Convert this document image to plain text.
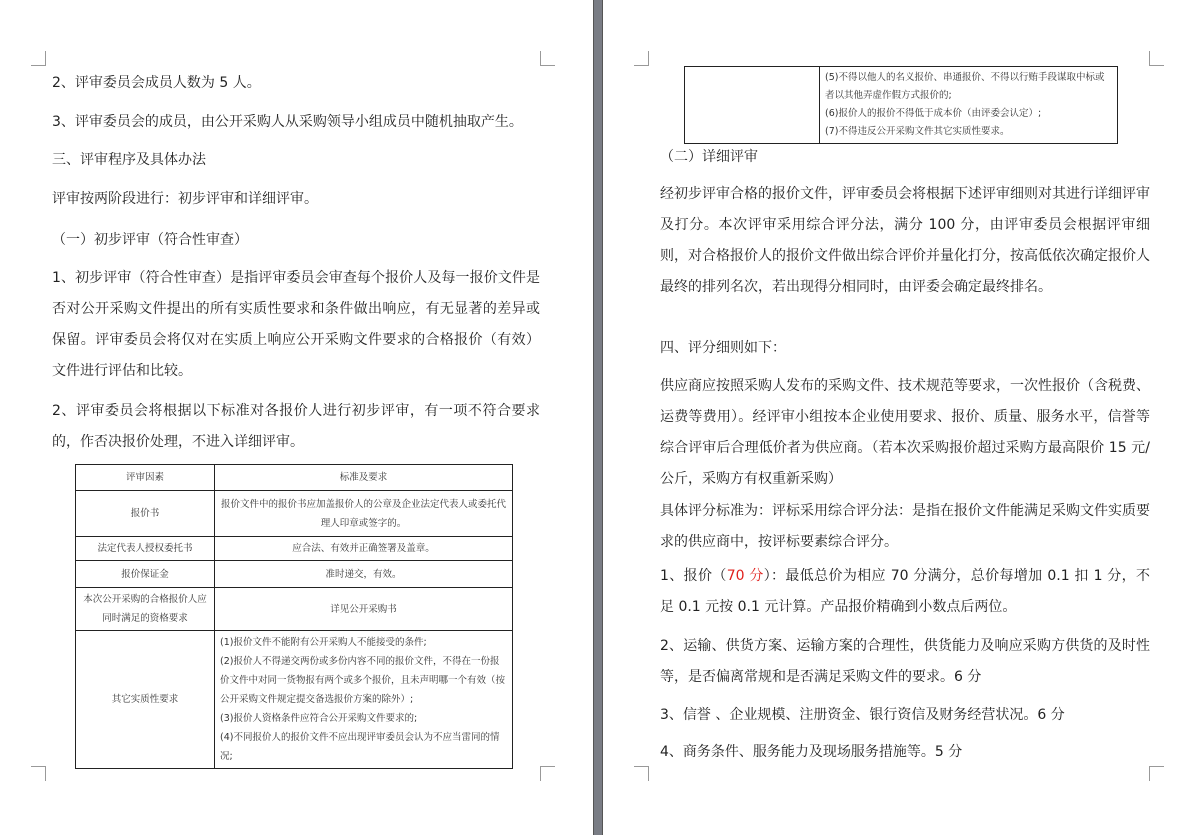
2、评审委员会成员人数为 5 人。
3、评审委员会的成员，由公开采购人从采购领导小组成员中随机抽取产生。
三、评审程序及具体办法
评审按两阶段进行：初步评审和详细评审。
（一）初步评审（符合性审查）
1、初步评审（符合性审查）是指评审委员会审查每个报价人及每一报价文件是否对公开采购文件提出的所有实质性要求和条件做出响应，有无显著的差异或保留。评审委员会将仅对在实质上响应公开采购文件要求的合格报价（有效）文件进行评估和比较。
2、评审委员会将根据以下标准对各报价人进行初步评审，有一项不符合要求的，作否决报价处理，不进入详细评审。
评审因素	标准及要求
报价书	报价文件中的报价书应加盖报价人的公章及企业法定代表人或委托代理人印章或签字的。
法定代表人授权委托书	应合法、有效并正确签署及盖章。
报价保证金	准时递交，有效。
本次公开采购的合格报价人应同时满足的资格要求	详见公开采购书
其它实质性要求	(1)报价文件不能附有公开采购人不能接受的条件;
(2)报价人不得递交两份或多份内容不同的报价文件，不得在一份报价文件中对同一货物报有两个或多个报价，且未声明哪一个有效（按公开采购文件规定提交备选报价方案的除外）;
(3)报价人资格条件应符合公开采购文件要求的;
(4)不同报价人的报价文件不应出现评审委员会认为不应当雷同的情况;

(5)不得以他人的名义报价、串通报价、不得以行贿手段谋取中标或者以其他弄虚作假方式报价的;
(6)报价人的报价不得低于成本价（由评委会认定）;
(7)不得违反公开采购文件其它实质性要求。
（二）详细评审
经初步评审合格的报价文件，评审委员会将根据下述评审细则对其进行详细评审及打分。本次评审采用综合评分法，满分 100 分，由评审委员会根据评审细则，对合格报价人的报价文件做出综合评价并量化打分，按高低依次确定报价人最终的排列名次，若出现得分相同时，由评委会确定最终排名。
四、评分细则如下：
供应商应按照采购人发布的采购文件、技术规范等要求，一次性报价（含税费、运费等费用）。经评审小组按本企业使用要求、报价、质量、服务水平，信誉等综合评审后合理低价者为供应商。（若本次采购报价超过采购方最高限价 15 元/公斤，采购方有权重新采购）
具体评分标准为：评标采用综合评分法：是指在报价文件能满足采购文件实质要求的供应商中，按评标要素综合评分。
1、报价（70 分）：最低总价为相应 70 分满分，总价每增加 0.1 扣 1 分，不足 0.1 元按 0.1 元计算。产品报价精确到小数点后两位。
2、运输、供货方案、运输方案的合理性，供货能力及响应采购方供货的及时性等，是否偏离常规和是否满足采购文件的要求。6 分
3、信誉 、企业规模、注册资金、银行资信及财务经营状况。6 分
4、商务条件、服务能力及现场服务措施等。5 分
